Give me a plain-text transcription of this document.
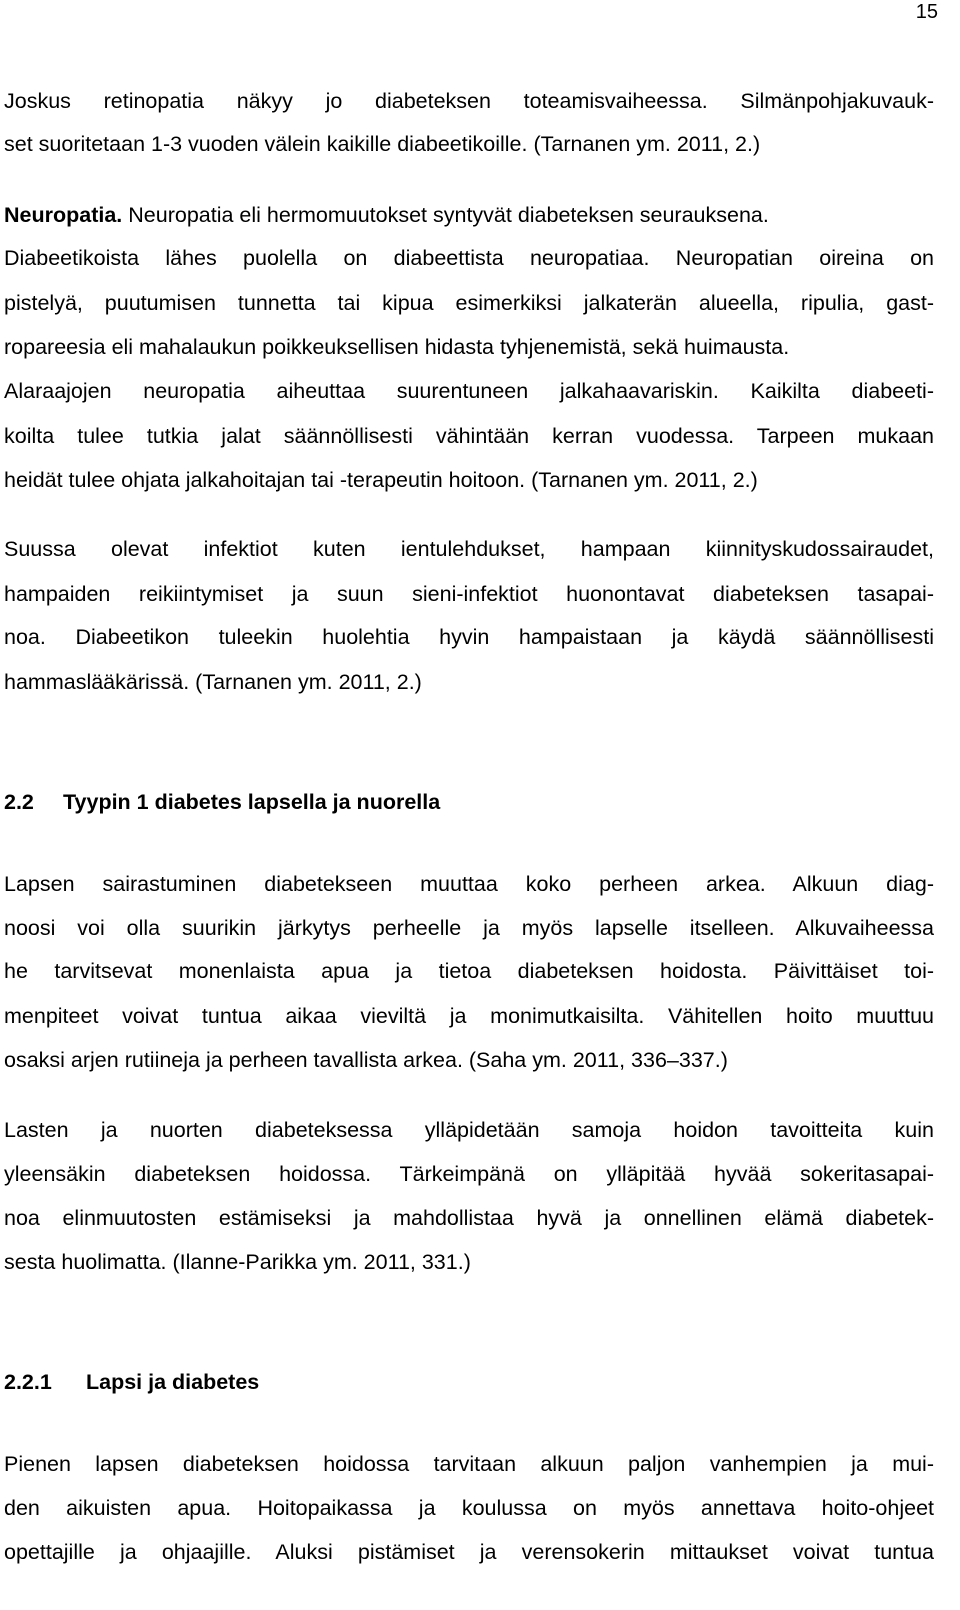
15
Joskus retinopatia näkyy jo diabeteksen toteamisvaiheessa. Silmänpohjakuvauk-
set suoritetaan 1-3 vuoden välein kaikille diabeetikoille. (Tarnanen ym. 2011, 2.)
Neuropatia. Neuropatia eli hermomuutokset syntyvät diabeteksen seurauksena.
Diabeetikoista lähes puolella on diabeettista neuropatiaa. Neuropatian oireina on
pistelyä, puutumisen tunnetta tai kipua esimerkiksi jalkaterän alueella, ripulia, gast-
ropareesia eli mahalaukun poikkeuksellisen hidasta tyhjenemistä, sekä huimausta.
Alaraajojen neuropatia aiheuttaa suurentuneen jalkahaavariskin. Kaikilta diabeeti-
koilta tulee tutkia jalat säännöllisesti vähintään kerran vuodessa. Tarpeen mukaan
heidät tulee ohjata jalkahoitajan tai -terapeutin hoitoon. (Tarnanen ym. 2011, 2.)
Suussa olevat infektiot kuten ientulehdukset, hampaan kiinnityskudossairaudet,
hampaiden reikiintymiset ja suun sieni-infektiot huonontavat diabeteksen tasapai-
noa. Diabeetikon tuleekin huolehtia hyvin hampaistaan ja käydä säännöllisesti
hammaslääkärissä. (Tarnanen ym. 2011, 2.)
2.2 Tyypin 1 diabetes lapsella ja nuorella
Lapsen sairastuminen diabetekseen muuttaa koko perheen arkea. Alkuun diag-
noosi voi olla suurikin järkytys perheelle ja myös lapselle itselleen. Alkuvaiheessa
he tarvitsevat monenlaista apua ja tietoa diabeteksen hoidosta. Päivittäiset toi-
menpiteet voivat tuntua aikaa vieviltä ja monimutkaisilta. Vähitellen hoito muuttuu
osaksi arjen rutiineja ja perheen tavallista arkea. (Saha ym. 2011, 336–337.)
Lasten ja nuorten diabeteksessa ylläpidetään samoja hoidon tavoitteita kuin
yleensäkin diabeteksen hoidossa. Tärkeimpänä on ylläpitää hyvää sokeritasapai-
noa elinmuutosten estämiseksi ja mahdollistaa hyvä ja onnellinen elämä diabetek-
sesta huolimatta. (Ilanne-Parikka ym. 2011, 331.)
2.2.1 Lapsi ja diabetes
Pienen lapsen diabeteksen hoidossa tarvitaan alkuun paljon vanhempien ja mui-
den aikuisten apua. Hoitopaikassa ja koulussa on myös annettava hoito-ohjeet
opettajille ja ohjaajille. Aluksi pistämiset ja verensokerin mittaukset voivat tuntua
